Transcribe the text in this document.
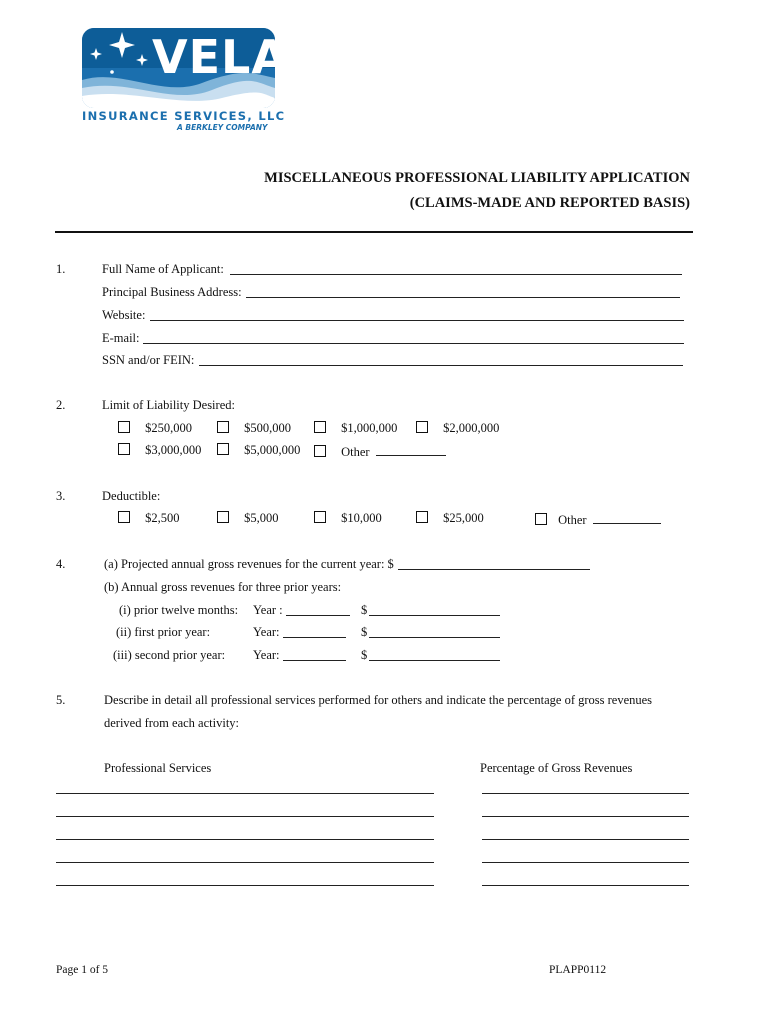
VELA
INSURANCE SERVICES, LLC
A BERKLEY COMPANY
MISCELLANEOUS PROFESSIONAL LIABILITY APPLICATION
(CLAIMS-MADE AND REPORTED BASIS)
1.	Full Name of Applicant:
Principal Business Address:
Website:
E-mail:
SSN and/or FEIN:
2.	Limit of Liability Desired:
$250,000	$500,000	$1,000,000	$2,000,000
$3,000,000	$5,000,000	Other
3.	Deductible:
$2,500	$5,000	$10,000	$25,000	Other
4.	(a) Projected annual gross revenues for the current year: $
(b) Annual gross revenues for three prior years:
(i) prior twelve months: Year :	$
(ii) first prior year:	Year:	$
(iii) second prior year: Year:	$
5.	Describe in detail all professional services performed for others and indicate the percentage of gross revenues
derived from each activity:
Professional Services	Percentage of Gross Revenues
Page 1 of 5	PLAPP0112
